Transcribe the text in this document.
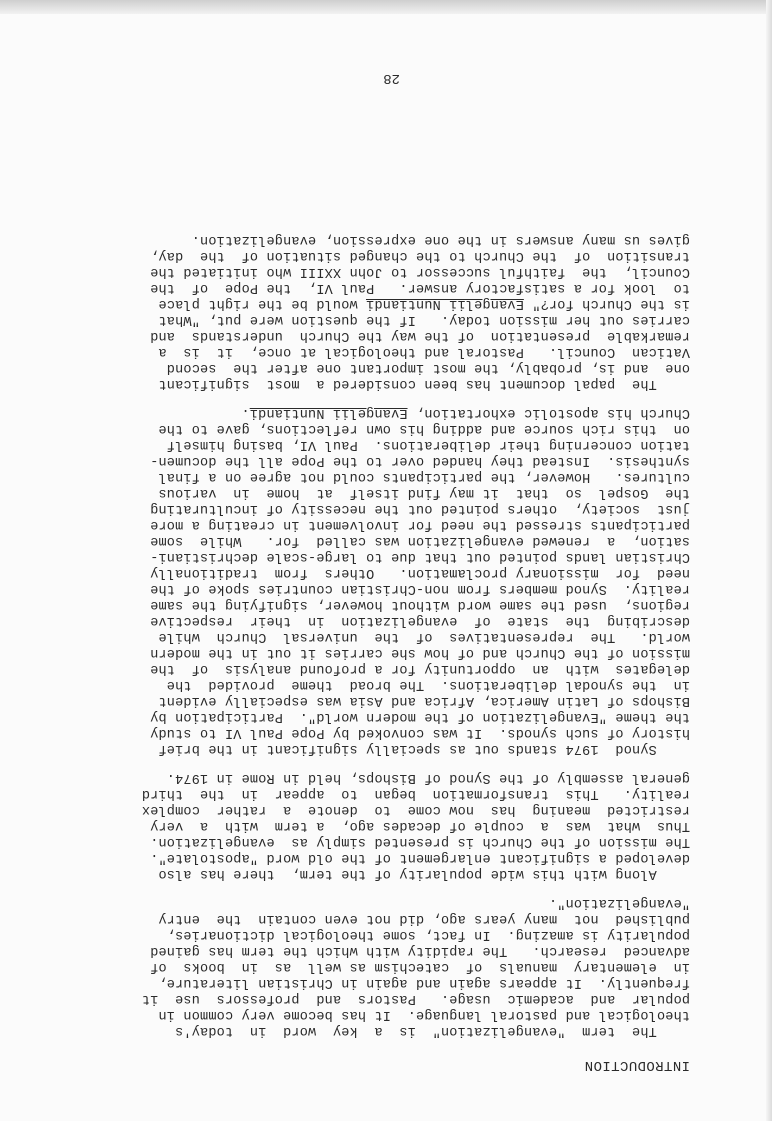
INTRODUCTION
The  term  "evangelization"  is  a  key  word  in  today's
theological and pastoral language.  It has become very common in
popular  and  academic  usage.   Pastors  and  professors  use  it
frequently.  It appears again and again in Christian literature,
in  elementary  manuals  of  catechism as well  as  in  books  of
advanced  research.   The rapidity with which the term has gained
popularity is amazing.  In fact, some theological dictionaries,
published  not  many years ago, did not even contain  the  entry
"evangelization".
Along with this wide popularity of the term,  there has also
developed a significant enlargement of the old word "apostolate".
The mission of the Church is presented simply as  evangelization.
Thus  what  was  a  couple of decades ago,  a term  with  a  very
restricted  meaning  has  now come  to  denote  a  rather  complex
reality.   This  transformation  began  to  appear  in  the  third
general assembly of the Synod of Bishops, held in Rome in 1974.
Synod  1974 stands out as specially significant in the brief
history of such synods.  It was convoked by Pope Paul VI to study
the theme "Evangelization of the modern world".  Participation by
Bishops of Latin America, Africa and Asia was especially evident
in  the synodal deliberations.  The broad  theme  provided  the
delegates  with  an  opportunity for a profound analysis  of  the
mission of the Church and of how she carries it out in the modern
world.   The  representatives  of  the  universal  Church  while
describing  the  state  of  evangelization  in  their  respective
regions,  used the same word without however, signifying the same
reality.  Synod members from non-Christian countries spoke of the
need  for  missionary proclamation.   Others  from  traditionally
Christian lands pointed out that due to large-scale dechristiani-
sation,  a  renewed evangelization was called  for.   While  some
participants stressed the need for involvement in creating a more
just  society,  others pointed out the necessity of inculturating
the  Gospel  so  that  it may find itself  at  home  in  various
cultures.   However, the participants could not agree on a final
synthesis.  Instead they handed over to the Pope all the documen-
tation concerning their deliberations.  Paul VI, basing himself
on  this rich source and adding his own reflections, gave to the
Church his apostolic exhortation, Evangelii Nuntiandi.
The  papal document has been considered a  most  significant
one  and is, probably, the most important one after the  second
Vatican  Council.   Pastoral and theological at once,  it  is  a
remarkable  presentation  of the way the Church  understands  and
carries out her mission today.   If the question were put, "What
is the Church for?" Evangelii Nuntiandi would be the right place
to  look for a satisfactory answer.   Paul VI,  the Pope  of  the
Council,  the  faithful successor to John XXIII who initiated the
transition  of  the Church to the changed situation of  the  day,
gives us many answers in the one expression, evangelization.
28
